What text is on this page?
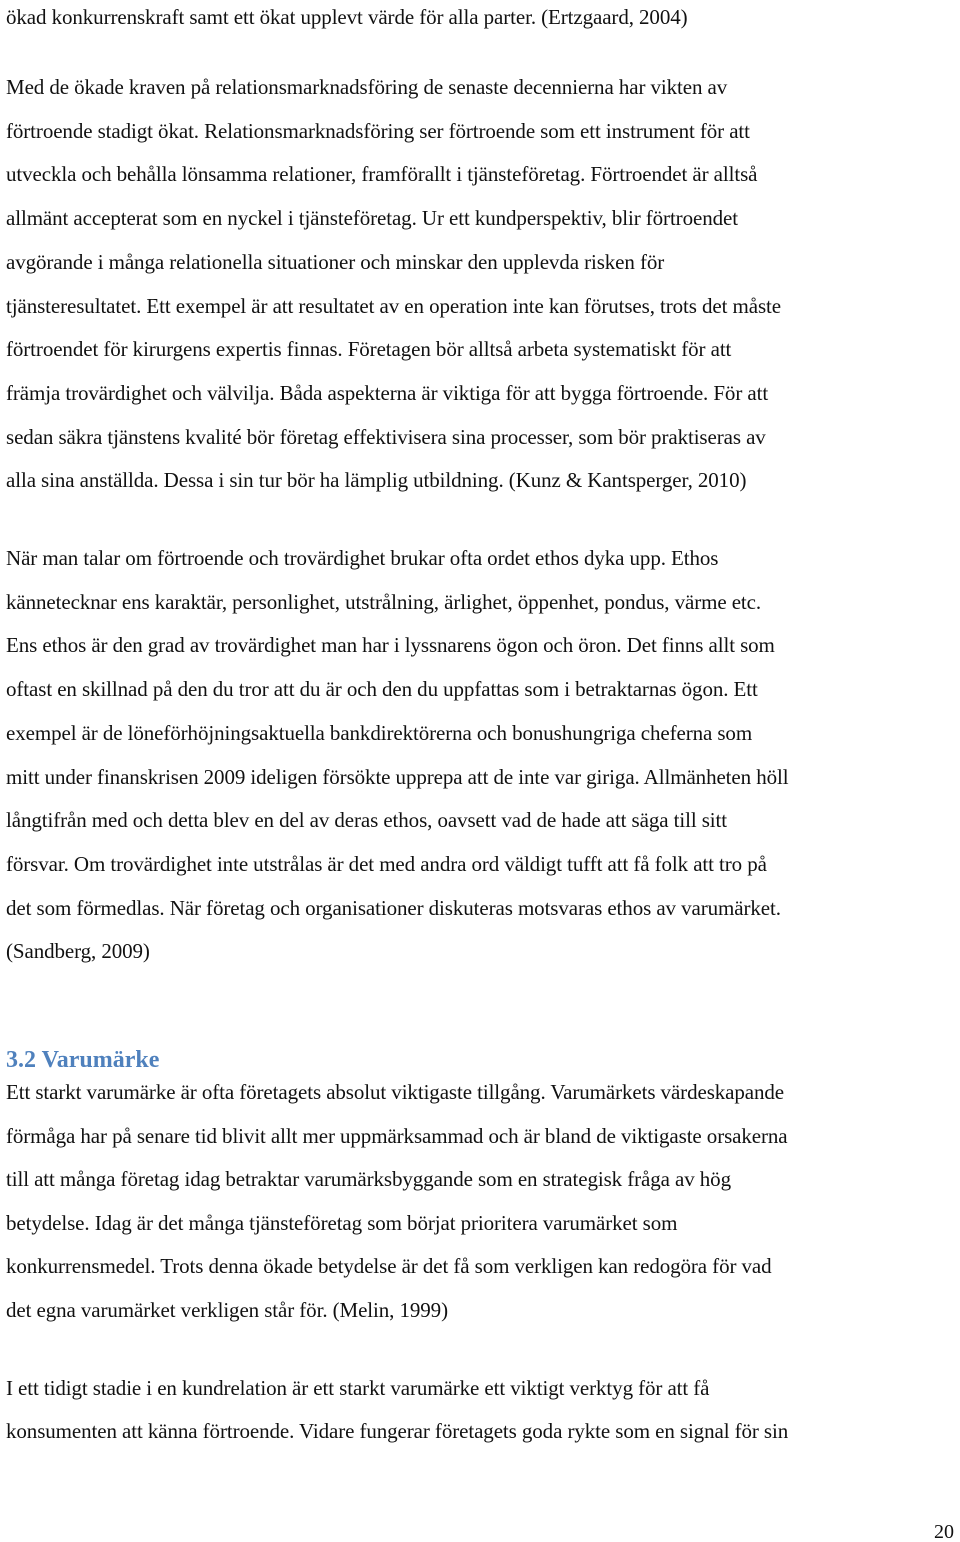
ökad konkurrenskraft samt ett ökat upplevt värde för alla parter. (Ertzgaard, 2004)

Med de ökade kraven på relationsmarknadsföring de senaste decennierna har vikten av

förtroende stadigt ökat. Relationsmarknadsföring ser förtroende som ett instrument för att

utveckla och behålla lönsamma relationer, framförallt i tjänsteföretag. Förtroendet är alltså

allmänt accepterat som en nyckel i tjänsteföretag. Ur ett kundperspektiv, blir förtroendet

avgörande i många relationella situationer och minskar den upplevda risken för

tjänsteresultatet. Ett exempel är att resultatet av en operation inte kan förutses, trots det måste

förtroendet för kirurgens expertis finnas. Företagen bör alltså arbeta systematiskt för att

främja trovärdighet och välvilja. Båda aspekterna är viktiga för att bygga förtroende. För att

sedan säkra tjänstens kvalité bör företag effektivisera sina processer, som bör praktiseras av

alla sina anställda. Dessa i sin tur bör ha lämplig utbildning. (Kunz & Kantsperger, 2010)

När man talar om förtroende och trovärdighet brukar ofta ordet ethos dyka upp. Ethos

kännetecknar ens karaktär, personlighet, utstrålning, ärlighet, öppenhet, pondus, värme etc.

Ens ethos är den grad av trovärdighet man har i lyssnarens ögon och öron. Det finns allt som

oftast en skillnad på den du tror att du är och den du uppfattas som i betraktarnas ögon. Ett

exempel är de löneförhöjningsaktuella bankdirektörerna och bonushungriga cheferna som

mitt under finanskrisen 2009 ideligen försökte upprepa att de inte var giriga. Allmänheten höll

långtifrån med och detta blev en del av deras ethos, oavsett vad de hade att säga till sitt

försvar. Om trovärdighet inte utstrålas är det med andra ord väldigt tufft att få folk att tro på

det som förmedlas. När företag och organisationer diskuteras motsvaras ethos av varumärket.

(Sandberg, 2009)

3.2 Varumärke

Ett starkt varumärke är ofta företagets absolut viktigaste tillgång. Varumärkets värdeskapande

förmåga har på senare tid blivit allt mer uppmärksammad och är bland de viktigaste orsakerna

till att många företag idag betraktar varumärksbyggande som en strategisk fråga av hög

betydelse. Idag är det många tjänsteföretag som börjat prioritera varumärket som

konkurrensmedel. Trots denna ökade betydelse är det få som verkligen kan redogöra för vad

det egna varumärket verkligen står för. (Melin, 1999)

I ett tidigt stadie i en kundrelation är ett starkt varumärke ett viktigt verktyg för att få

konsumenten att känna förtroende. Vidare fungerar företagets goda rykte som en signal för sin

20
